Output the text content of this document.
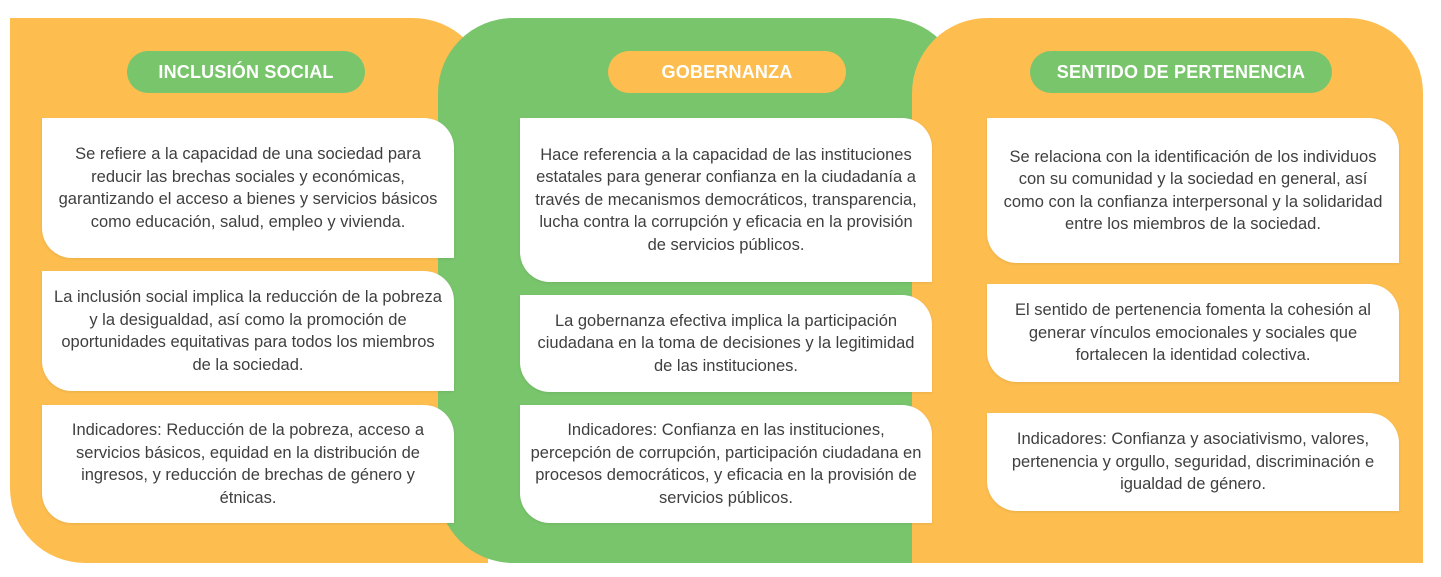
INCLUSIÓN SOCIAL
Se refiere a la capacidad de una sociedad para reducir las brechas sociales y económicas, garantizando el acceso a bienes y servicios básicos como educación, salud, empleo y vivienda.
La inclusión social implica la reducción de la pobreza y la desigualdad, así como la promoción de oportunidades equitativas para todos los miembros de la sociedad.
Indicadores: Reducción de la pobreza, acceso a servicios básicos, equidad en la distribución de ingresos, y reducción de brechas de género y étnicas.
GOBERNANZA
Hace referencia a la capacidad de las instituciones estatales para generar confianza en la ciudadanía a través de mecanismos democráticos, transparencia, lucha contra la corrupción y eficacia en la provisión de servicios públicos.
La gobernanza efectiva implica la participación ciudadana en la toma de decisiones y la legitimidad de las instituciones.
Indicadores: Confianza en las instituciones, percepción de corrupción, participación ciudadana en procesos democráticos, y eficacia en la provisión de servicios públicos.
SENTIDO DE PERTENENCIA
Se relaciona con la identificación de los individuos con su comunidad y la sociedad en general, así como con la confianza interpersonal y la solidaridad entre los miembros de la sociedad.
El sentido de pertenencia fomenta la cohesión al generar vínculos emocionales y sociales que fortalecen la identidad colectiva.
Indicadores: Confianza y asociativismo, valores, pertenencia y orgullo, seguridad, discriminación e igualdad de género.
